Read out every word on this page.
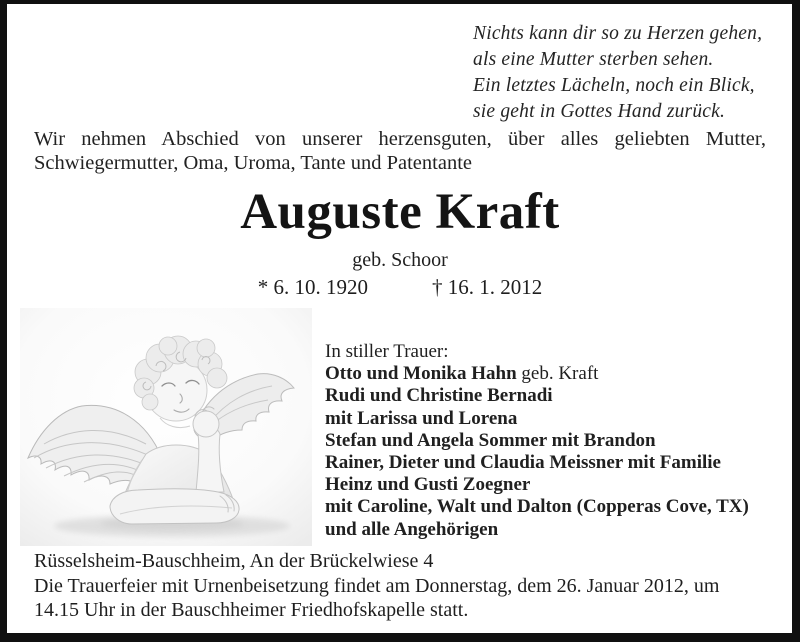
Nichts kann dir so zu Herzen gehen,
als eine Mutter sterben sehen.
Ein letztes Lächeln, noch ein Blick,
sie geht in Gottes Hand zurück.
Wir nehmen Abschied von unserer herzensguten, über alles geliebten Mutter,
Schwiegermutter, Oma, Uroma, Tante und Patentante
Auguste Kraft
geb. Schoor
* 6. 10. 1920	† 16. 1. 2012
In stiller Trauer:
Otto und Monika Hahn geb. Kraft
Rudi und Christine Bernadi
mit Larissa und Lorena
Stefan und Angela Sommer mit Brandon
Rainer, Dieter und Claudia Meissner mit Familie
Heinz und Gusti Zoegner
mit Caroline, Walt und Dalton (Copperas Cove, TX)
und alle Angehörigen
Rüsselsheim-Bauschheim, An der Brückelwiese 4
Die Trauerfeier mit Urnenbeisetzung findet am Donnerstag, dem 26. Januar 2012, um
14.15 Uhr in der Bauschheimer Friedhofskapelle statt.
